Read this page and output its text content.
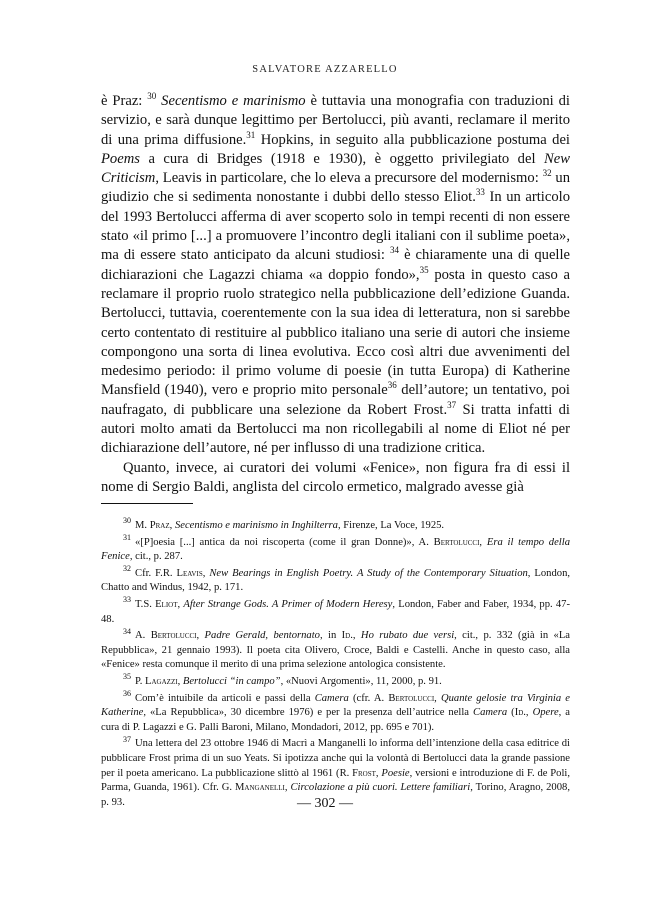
SALVATORE AZZARELLO

è Praz: $^{30}$ Secentismo e marinismo è tuttavia una monografia con traduzioni di servizio, e sarà dunque legittimo per Bertolucci, più avanti, reclamare il merito di una prima diffusione.$^{31}$ Hopkins, in seguito alla pubblicazione postuma dei Poems a cura di Bridges (1918 e 1930), è oggetto privilegiato del New Criticism, Leavis in particolare, che lo eleva a precursore del modernismo: $^{32}$ un giudizio che si sedimenta nonostante i dubbi dello stesso Eliot.$^{33}$ In un articolo del 1993 Bertolucci afferma di aver scoperto solo in tempi recenti di non essere stato «il primo [...] a promuovere l’incontro degli italiani con il sublime poeta», ma di essere stato anticipato da alcuni studiosi: $^{34}$ è chiaramente una di quelle dichiarazioni che Lagazzi chiama «a doppio fondo»,$^{35}$ posta in questo caso a reclamare il proprio ruolo strategico nella pubblicazione dell’edizione Guanda. Bertolucci, tuttavia, coerentemente con la sua idea di letteratura, non si sarebbe certo contentato di restituire al pubblico italiano una serie di autori che insieme compongono una sorta di linea evolutiva. Ecco così altri due avvenimenti del medesimo periodo: il primo volume di poesie (in tutta Europa) di Katherine Mansfield (1940), vero e proprio mito personale$^{36}$ dell’autore; un tentativo, poi naufragato, di pubblicare una selezione da Robert Frost.$^{37}$ Si tratta infatti di autori molto amati da Bertolucci ma non ricollegabili al nome di Eliot né per dichiarazione dell’autore, né per influsso di una tradizione critica.

Quanto, invece, ai curatori dei volumi «Fenice», non figura fra di essi il nome di Sergio Baldi, anglista del circolo ermetico, malgrado avesse già

$^{30}$ M. Praz, Secentismo e marinismo in Inghilterra, Firenze, La Voce, 1925.

$^{31}$ «[P]oesia [...] antica da noi riscoperta (come il gran Donne)», A. Bertolucci, Era il tempo della Fenice, cit., p. 287.

$^{32}$ Cfr. F.R. Leavis, New Bearings in English Poetry. A Study of the Contemporary Situation, London, Chatto and Windus, 1942, p. 171.

$^{33}$ T.S. Eliot, After Strange Gods. A Primer of Modern Heresy, London, Faber and Faber, 1934, pp. 47-48.

$^{34}$ A. Bertolucci, Padre Gerald, bentornato, in Id., Ho rubato due versi, cit., p. 332 (già in «La Repubblica», 21 gennaio 1993). Il poeta cita Olivero, Croce, Baldi e Castelli. Anche in questo caso, alla «Fenice» resta comunque il merito di una prima selezione antologica consistente.

$^{35}$ P. Lagazzi, Bertolucci “in campo”, «Nuovi Argomenti», 11, 2000, p. 91.

$^{36}$ Com’è intuibile da articoli e passi della Camera (cfr. A. Bertolucci, Quante gelosie tra Virginia e Katherine, «La Repubblica», 30 dicembre 1976) e per la presenza dell’autrice nella Camera (Id., Opere, a cura di P. Lagazzi e G. Palli Baroni, Milano, Mondadori, 2012, pp. 695 e 701).

$^{37}$ Una lettera del 23 ottobre 1946 di Macrì a Manganelli lo informa dell’intenzione della casa editrice di pubblicare Frost prima di un suo Yeats. Si ipotizza anche qui la volontà di Bertolucci data la grande passione per il poeta americano. La pubblicazione slittò al 1961 (R. Frost, Poesie, versioni e introduzione di F. de Poli, Parma, Guanda, 1961). Cfr. G. Manganelli, Circolazione a più cuori. Lettere familiari, Torino, Aragno, 2008, p. 93.	— 302 —
